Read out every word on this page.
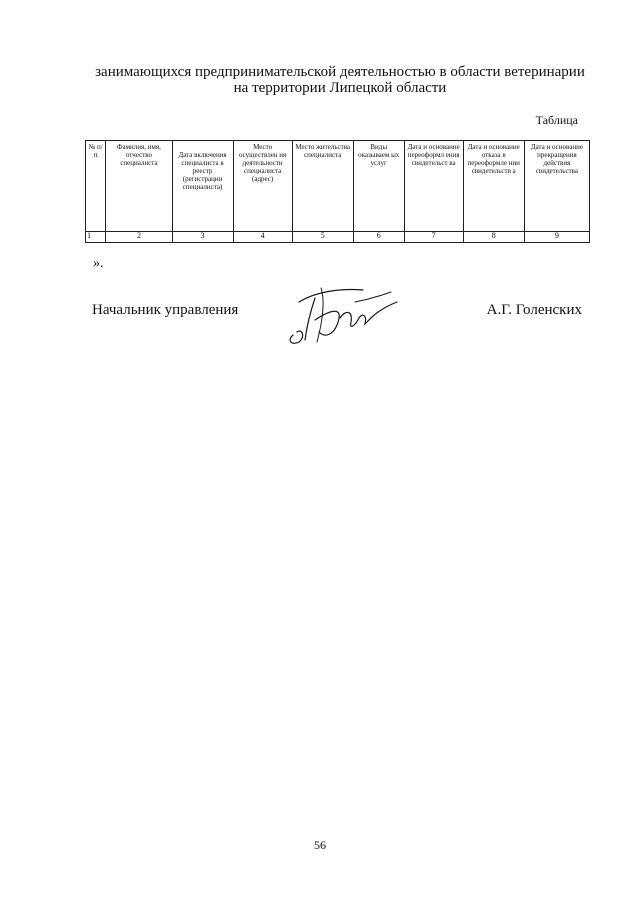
занимающихся предпринимательской деятельностью в области ветеринарии
на территории Липецкой области
Таблица
№ п/ п	Фамилия, имя, отчество специалиста	Дата включения специалиста в реестр (регистрации специалиста)	Место осуществлен ия деятельности специалиста (адрес)	Место жительства специалиста	Виды оказываем ых услуг	Дата и основание переоформл ения свидетельст ва	Дата и основание отказа в переоформле нии свидетельств а	Дата и основание прекращения действия свидетельства
1	2	3	4	5	6	7	8	9
».
Начальник управления	А.Г. Голенских
56
